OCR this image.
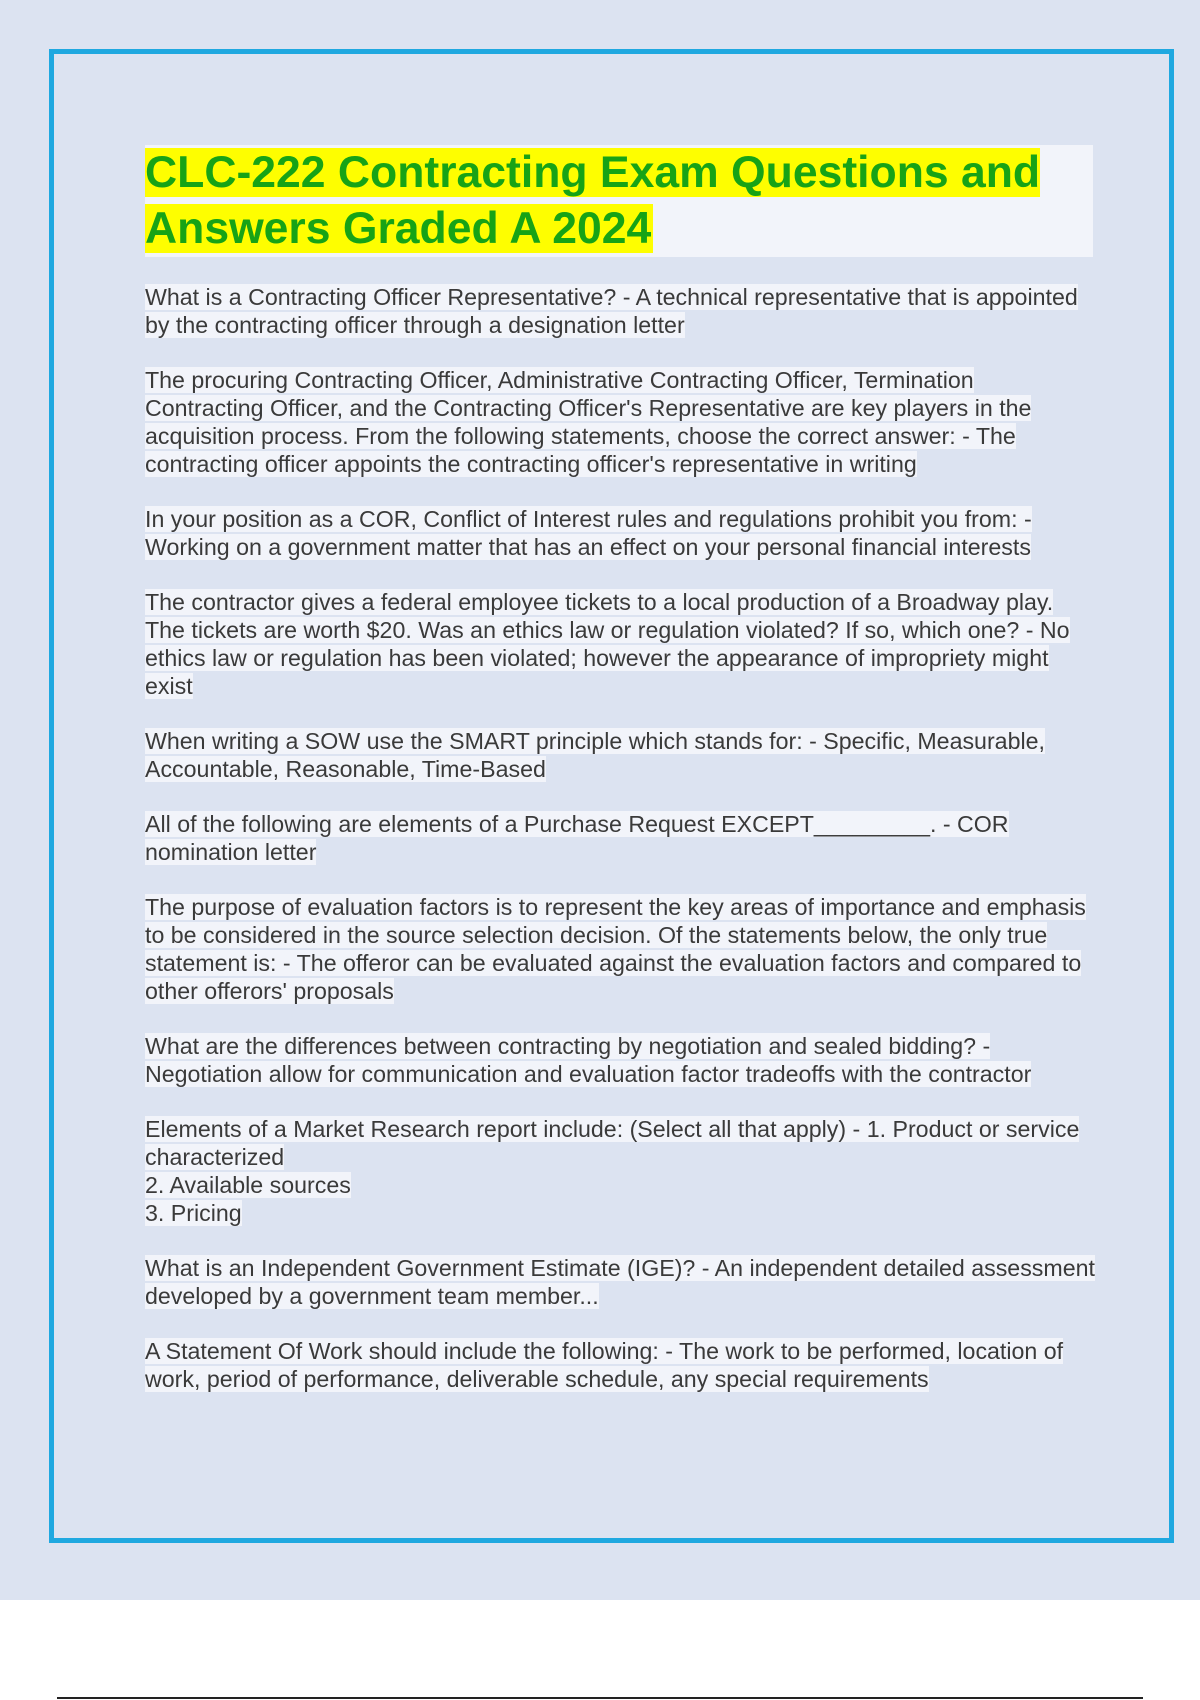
CLC-222 Contracting Exam Questions and Answers Graded A 2024

What is a Contracting Officer Representative? - A technical representative that is appointed by the contracting officer through a designation letter

The procuring Contracting Officer, Administrative Contracting Officer, Termination Contracting Officer, and the Contracting Officer's Representative are key players in the acquisition process. From the following statements, choose the correct answer: - The contracting officer appoints the contracting officer's representative in writing

In your position as a COR, Conflict of Interest rules and regulations prohibit you from: - Working on a government matter that has an effect on your personal financial interests

The contractor gives a federal employee tickets to a local production of a Broadway play. The tickets are worth $20. Was an ethics law or regulation violated? If so, which one? - No ethics law or regulation has been violated; however the appearance of impropriety might exist

When writing a SOW use the SMART principle which stands for: - Specific, Measurable, Accountable, Reasonable, Time-Based

All of the following are elements of a Purchase Request EXCEPT_________. - COR nomination letter

The purpose of evaluation factors is to represent the key areas of importance and emphasis to be considered in the source selection decision. Of the statements below, the only true statement is: - The offeror can be evaluated against the evaluation factors and compared to other offerors' proposals

What are the differences between contracting by negotiation and sealed bidding? - Negotiation allow for communication and evaluation factor tradeoffs with the contractor

Elements of a Market Research report include: (Select all that apply) - 1. Product or service characterized
2. Available sources
3. Pricing

What is an Independent Government Estimate (IGE)? - An independent detailed assessment developed by a government team member...

A Statement Of Work should include the following: - The work to be performed, location of work, period of performance, deliverable schedule, any special requirements
